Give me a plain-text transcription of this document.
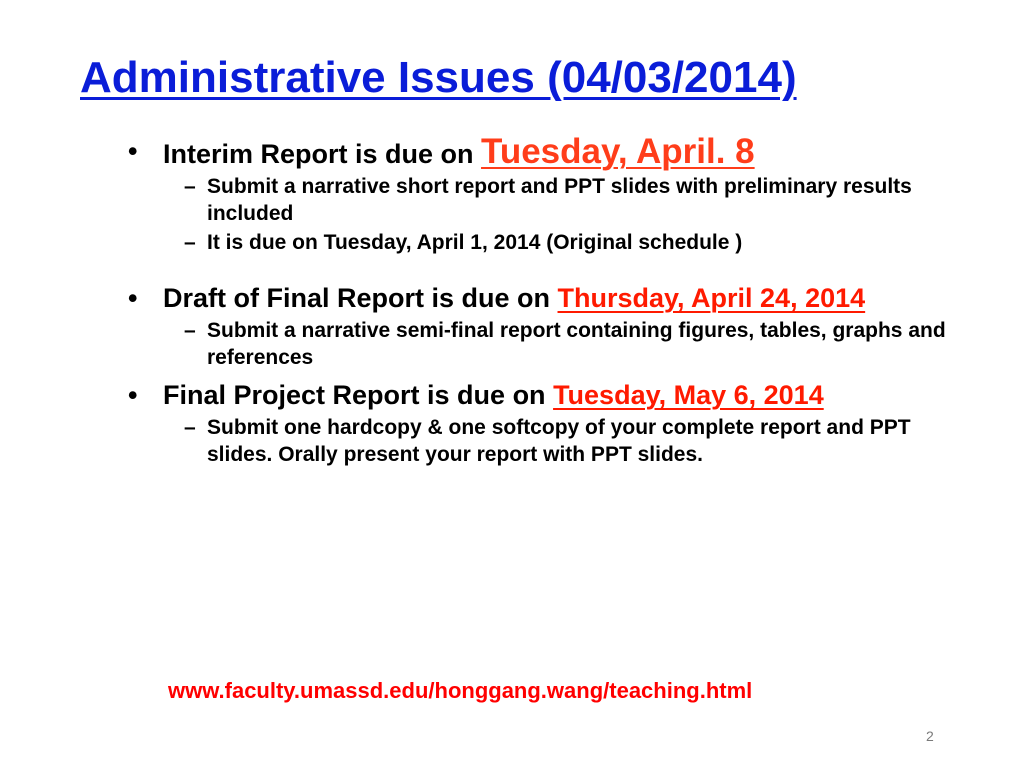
Administrative Issues (04/03/2014)
• Interim Report is due on Tuesday, April. 8
– Submit a narrative short report and PPT slides with preliminary results included
– It is due on Tuesday, April 1, 2014 (Original schedule )
• Draft of Final Report is due on Thursday, April 24, 2014
– Submit a narrative semi-final report containing figures, tables, graphs and references
• Final Project Report is due on Tuesday, May 6, 2014
– Submit one hardcopy & one softcopy of your complete report and PPT slides. Orally present your report with PPT slides.
www.faculty.umassd.edu/honggang.wang/teaching.html
2
